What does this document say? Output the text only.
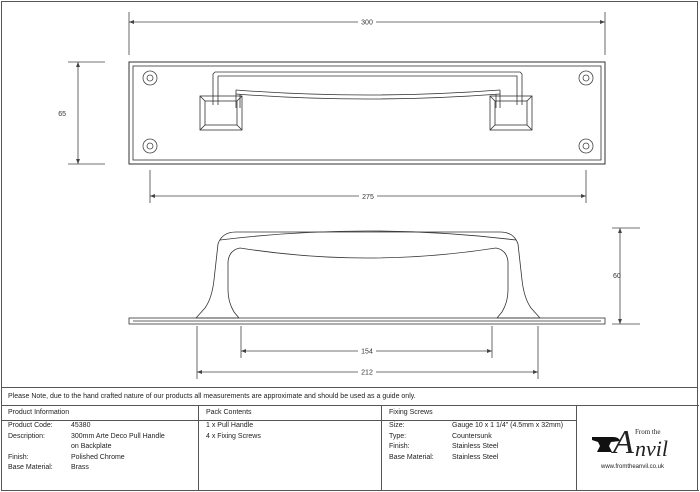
300
65
275
60
154
212
Please Note, due to the hand crafted nature of our products all measurements are approximate and should be used as a guide only.
Product Information
Product Code:	45380
Description:	300mm Arte Deco Pull Handle
on Backplate
Finish:	Polished Chrome
Base Material:	Brass
Pack Contents
1 x Pull Handle
4 x Fixing Screws
Fixing Screws
Size:	Gauge 10 x 1 1/4" (4.5mm x 32mm)
Type:	Countersunk
Finish:	Stainless Steel
Base Material:	Stainless Steel
From the
A nvil
www.fromtheanvil.co.uk
